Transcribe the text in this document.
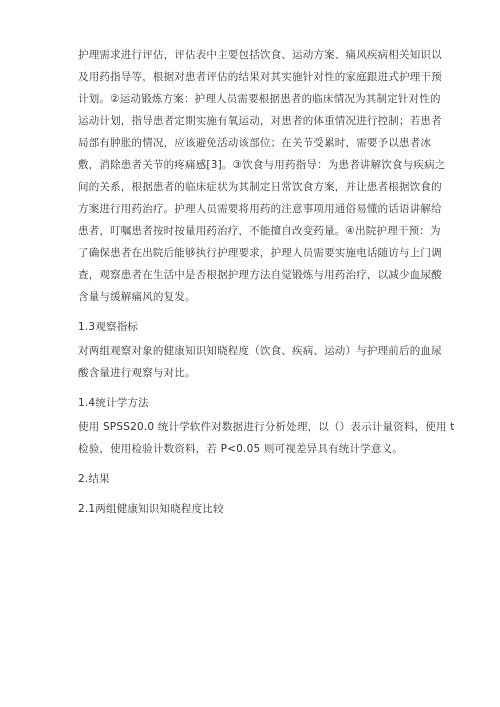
护理需求进行评估，评估表中主要包括饮食、运动方案、痛风疾病相关知识以
及用药指导等，根据对患者评估的结果对其实施针对性的家庭跟进式护理干预
计划。②运动锻炼方案：护理人员需要根据患者的临床情况为其制定针对性的
运动计划，指导患者定期实施有氧运动，对患者的体重情况进行控制；若患者
局部有肿胀的情况，应该避免活动该部位；在关节受累时，需要予以患者冰
敷，消除患者关节的疼痛感[3]。③饮食与用药指导：为患者讲解饮食与疾病之
间的关系，根据患者的临床症状为其制定日常饮食方案，并让患者根据饮食的
方案进行用药治疗。护理人员需要将用药的注意事项用通俗易懂的话语讲解给
患者，叮嘱患者按时按量用药治疗，不能擅自改变药量。④出院护理干预：为
了确保患者在出院后能够执行护理要求，护理人员需要实施电话随访与上门调
查，观察患者在生活中是否根据护理方法自觉锻炼与用药治疗，以减少血尿酸
含量与缓解痛风的复发。
1.3观察指标
对两组观察对象的健康知识知晓程度（饮食、疾病、运动）与护理前后的血尿
酸含量进行观察与对比。
1.4统计学方法
使用 SPSS20.0 统计学软件对数据进行分析处理，以（）表示计量资料，使用 t
检验，使用检验计数资料，若 P<0.05 则可视差异具有统计学意义。
2.结果
2.1两组健康知识知晓程度比较
